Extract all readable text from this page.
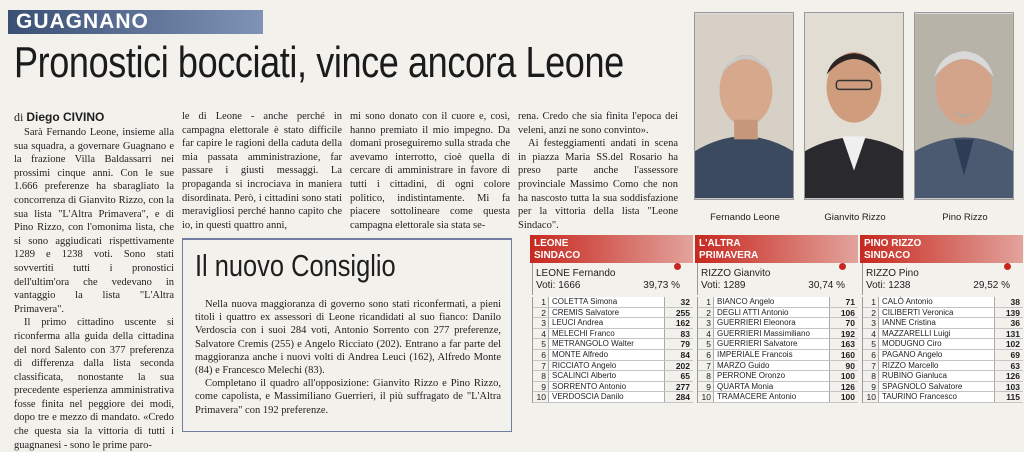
GUAGNANO
Pronostici bocciati, vince ancora Leone
di Diego CIVINO

Sarà Fernando Leone, insieme alla sua squadra, a governare Guagnano e la frazione Villa Baldassarri nei prossimi cinque anni. Con le sue 1.666 preferenze ha sbaragliato la concorrenza di Gianvito Rizzo, con la sua lista "L'Altra Primavera", e di Pino Rizzo, con l'omonima lista, che si sono aggiudicati rispettivamente 1289 e 1238 voti. Sono stati sovvertiti tutti i pronostici dell'ultim'ora che vedevano in vantaggio la lista "L'Altra Primavera".

Il primo cittadino uscente si riconferma alla guida della cittadina del nord Salento con 377 preferenza di differenza dalla lista seconda classificata, nonostante la sua precedente esperienza amministrativa fosse finita nel peggiore dei modi, dopo tre e mezzo di mandato. «Credo che questa sia la vittoria di tutti i guagnanesi - sono le prime paro-

le di Leone - anche perché in campagna elettorale è stato difficile far capire le ragioni della caduta della mia passata amministrazione, far passare i giusti messaggi. La propaganda si incrociava in maniera disordinata. Però, i cittadini sono stati meravigliosi perché hanno capito che io, in questi quattro anni,

mi sono donato con il cuore e, così, hanno premiato il mio impegno. Da domani proseguiremo sulla strada che avevamo interrotto, cioè quella di cercare di amministrare in favore di tutti i cittadini, di ogni colore politico, indistintamente. Mi fa piacere sottolineare come questa campagna elettorale sia stata se-

rena. Credo che sia finita l'epoca dei veleni, anzi ne sono convinto».

Ai festeggiamenti andati in scena in piazza Maria SS.del Rosario ha preso parte anche l'assessore provinciale Massimo Como che non ha nascosto tutta la sua soddisfazione per la vittoria della lista "Leone Sindaco".

Il nuovo Consiglio

Nella nuova maggioranza di governo sono stati riconfermati, a pieni titoli i quattro ex assessori di Leone ricandidati al suo fianco: Danilo Verdoscia con i suoi 284 voti, Antonio Sorrento con 277 preferenze, Salvatore Cremis (255) e Angelo Ricciato (202). Entrano a far parte del maggioranza anche i nuovi volti di Andrea Leuci (162), Alfredo Monte (84) e Francesco Melechi (83).

Completano il quadro all'opposizione: Gianvito Rizzo e Pino Rizzo, come capolista, e Massimiliano Guerrieri, il più suffragato de "L'Altra Primavera" con 192 preferenze.

Fernando Leone	Gianvito Rizzo	Pino Rizzo
LEONE
SINDACO
LEONE Fernando
Voti: 1666	39,73 %
1 COLETTA Simona	32
2 CREMIS Salvatore	255
3 LEUCI Andrea	162
4 MELECHI Franco	83
5 METRANGOLO Walter	79
6 MONTE Alfredo	84
7 RICCIATO Angelo	202
8 SCALINCI Alberto	65
9 SORRENTO Antonio	277
10 VERDOSCIA Danilo	284
L'ALTRA
PRIMAVERA
RIZZO Gianvito
Voti: 1289	30,74 %
1 BIANCO Angelo	71
2 DEGLI ATTI Antonio	106
3 GUERRIERI Eleonora	70
4 GUERRIERI Massimiliano	192
5 GUERRIERI Salvatore	163
6 IMPERIALE Francois	160
7 MARZO Guido	90
8 PERRONE Oronzo	100
9 QUARTA Monia	126
10 TRAMACERE Antonio	100
PINO RIZZO
SINDACO
RIZZO Pino
Voti: 1238	29,52 %
1 CALÒ Antonio	38
2 CILIBERTI Veronica	139
3 IANNE Cristina	36
4 MAZZARELLI Luigi	131
5 MODUGNO Ciro	102
6 PAGANO Angelo	69
7 RIZZO Marcello	63
8 RUBINO Gianluca	126
9 SPAGNOLO Salvatore	103
10 TAURINO Francesco	115
